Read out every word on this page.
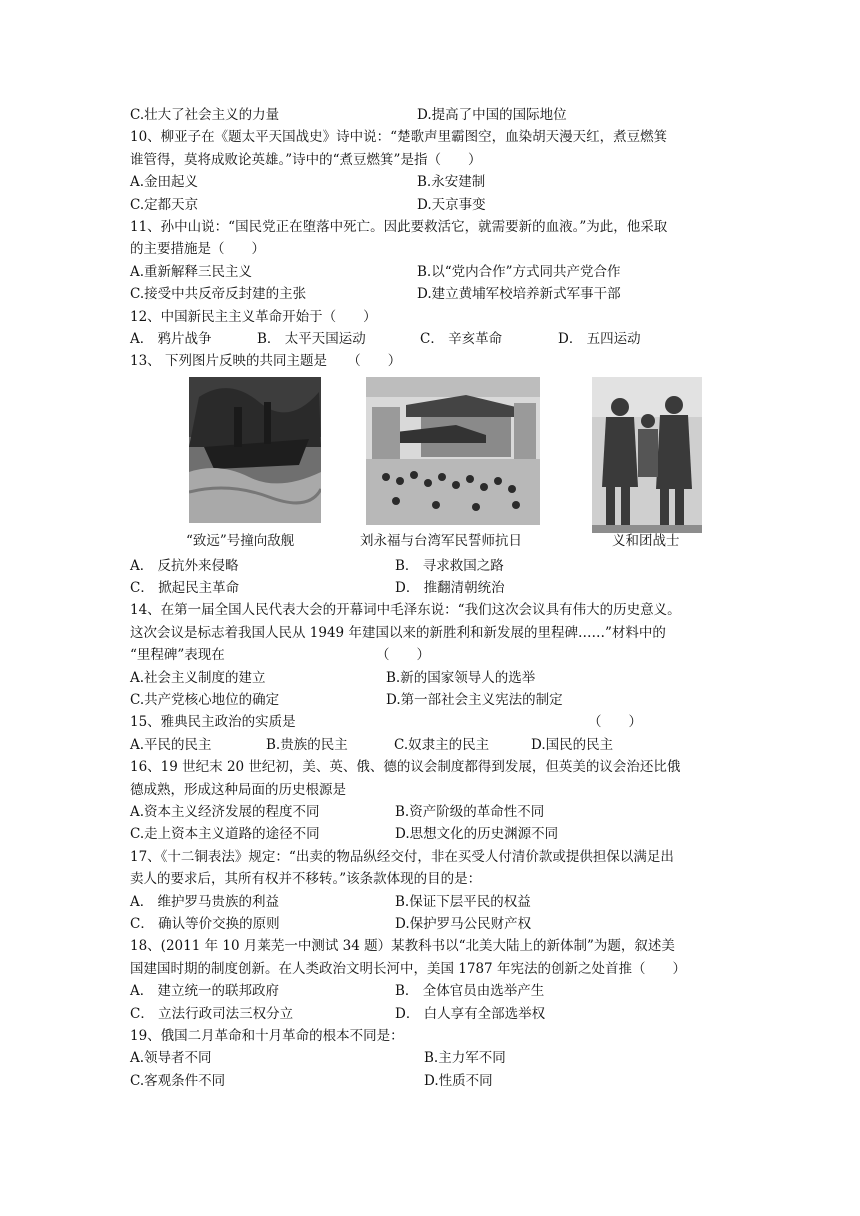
C.壮大了社会主义的力量	D.提高了中国的国际地位
10、柳亚子在《题太平天国战史》诗中说：“楚歌声里霸图空，血染胡天漫天红，煮豆燃箕
谁管得，莫将成败论英雄。”诗中的“煮豆燃箕”是指（　　）
A.金田起义	B.永安建制
C.定都天京	D.天京事变
11、孙中山说：“国民党正在堕落中死亡。因此要救活它，就需要新的血液。”为此，他采取
的主要措施是（　　）
A.重新解释三民主义	B.以“党内合作”方式同共产党合作
C.接受中共反帝反封建的主张	D.建立黄埔军校培养新式军事干部
12、中国新民主主义革命开始于（　　）
A． 鸦片战争	B． 太平天国运动	C． 辛亥革命	D． 五四运动
13、 下列图片反映的共同主题是　　（　　）
“致远”号撞向敌舰	刘永福与台湾军民誓师抗日	义和团战士
A． 反抗外来侵略	B． 寻求救国之路
C． 掀起民主革命	D． 推翻清朝统治
14、在第一届全国人民代表大会的开幕词中毛泽东说：“我们这次会议具有伟大的历史意义。
这次会议是标志着我国人民从 1949 年建国以来的新胜利和新发展的里程碑……”材料中的
“里程碑”表现在	（　　）
A.社会主义制度的建立	B.新的国家领导人的选举
C.共产党核心地位的确定	D.第一部社会主义宪法的制定
15、雅典民主政治的实质是	（　　）
A.平民的民主	B.贵族的民主	C.奴隶主的民主	D.国民的民主
16、19 世纪末 20 世纪初，美、英、俄、德的议会制度都得到发展，但英美的议会治还比俄
德成熟，形成这种局面的历史根源是
A.资本主义经济发展的程度不同	B.资产阶级的革命性不同
C.走上资本主义道路的途径不同	D.思想文化的历史渊源不同
17、《十二铜表法》规定：“出卖的物品纵经交付，非在买受人付清价款或提供担保以满足出
卖人的要求后，其所有权并不移转。”该条款体现的目的是：
A． 维护罗马贵族的利益	B.保证下层平民的权益
C． 确认等价交换的原则	D.保护罗马公民财产权
18、(2011 年 10 月莱芜一中测试 34 题）某教科书以“北美大陆上的新体制”为题，叙述美
国建国时期的制度创新。在人类政治文明长河中，美国 1787 年宪法的创新之处首推（　　）
A． 建立统一的联邦政府	B． 全体官员由选举产生
C． 立法行政司法三权分立	D． 白人享有全部选举权
19、俄国二月革命和十月革命的根本不同是：
A.领导者不同	B.主力军不同
C.客观条件不同	D.性质不同
